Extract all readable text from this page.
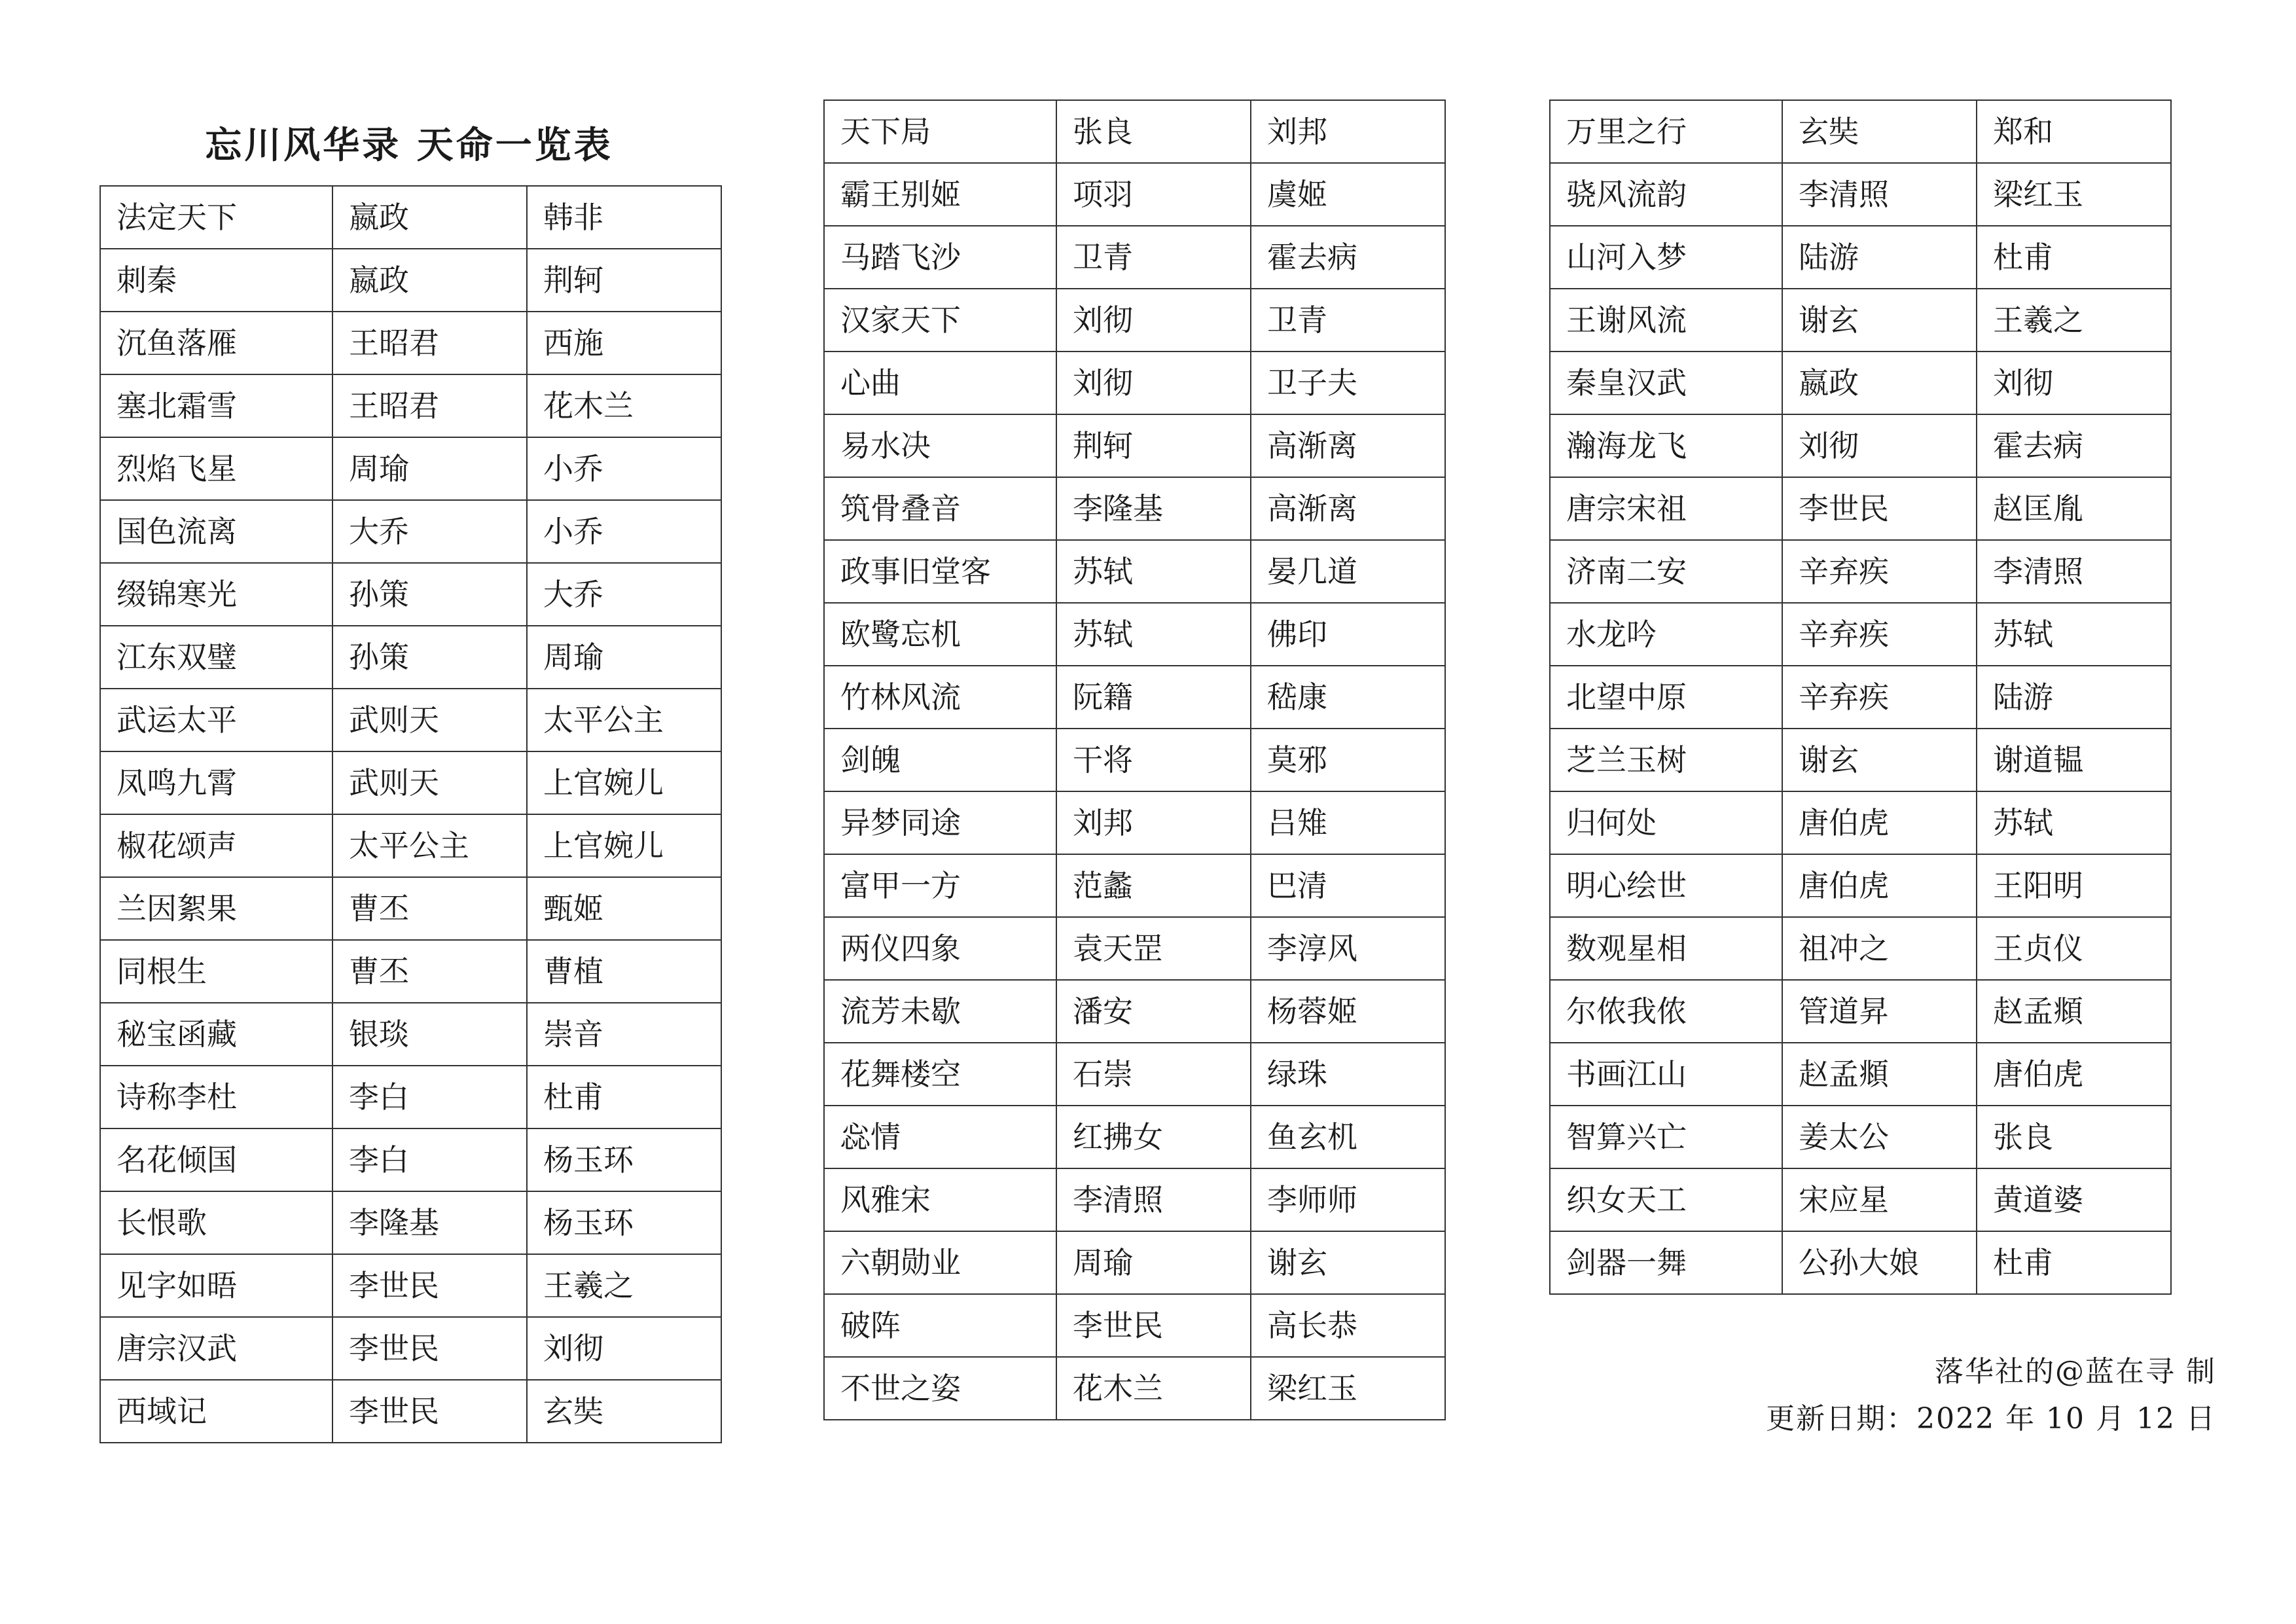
忘川风华录 天命一览表
法定天下	嬴政	韩非
刺秦	嬴政	荆轲
沉鱼落雁	王昭君	西施
塞北霜雪	王昭君	花木兰
烈焰飞星	周瑜	小乔
国色流离	大乔	小乔
缀锦寒光	孙策	大乔
江东双璧	孙策	周瑜
武运太平	武则天	太平公主
凤鸣九霄	武则天	上官婉儿
椒花颂声	太平公主	上官婉儿
兰因絮果	曹丕	甄姬
同根生	曹丕	曹植
秘宝函藏	银琰	崇音
诗称李杜	李白	杜甫
名花倾国	李白	杨玉环
长恨歌	李隆基	杨玉环
见字如晤	李世民	王羲之
唐宗汉武	李世民	刘彻
西域记	李世民	玄奘
天下局	张良	刘邦
霸王别姬	项羽	虞姬
马踏飞沙	卫青	霍去病
汉家天下	刘彻	卫青
心曲	刘彻	卫子夫
易水决	荆轲	高渐离
筑骨叠音	李隆基	高渐离
政事旧堂客	苏轼	晏几道
欧鹭忘机	苏轼	佛印
竹林风流	阮籍	嵇康
剑魄	干将	莫邪
异梦同途	刘邦	吕雉
富甲一方	范蠡	巴清
两仪四象	袁天罡	李淳风
流芳未歇	潘安	杨蓉姬
花舞楼空	石崇	绿珠
惢情	红拂女	鱼玄机
风雅宋	李清照	李师师
六朝勋业	周瑜	谢玄
破阵	李世民	高长恭
不世之姿	花木兰	梁红玉
万里之行	玄奘	郑和
骁风流韵	李清照	梁红玉
山河入梦	陆游	杜甫
王谢风流	谢玄	王羲之
秦皇汉武	嬴政	刘彻
瀚海龙飞	刘彻	霍去病
唐宗宋祖	李世民	赵匡胤
济南二安	辛弃疾	李清照
水龙吟	辛弃疾	苏轼
北望中原	辛弃疾	陆游
芝兰玉树	谢玄	谢道韫
归何处	唐伯虎	苏轼
明心绘世	唐伯虎	王阳明
数观星相	祖冲之	王贞仪
尔侬我侬	管道昇	赵孟頫
书画江山	赵孟頫	唐伯虎
智算兴亡	姜太公	张良
织女天工	宋应星	黄道婆
剑器一舞	公孙大娘	杜甫
落华社的@蓝在寻 制
更新日期：2022 年 10 月 12 日
